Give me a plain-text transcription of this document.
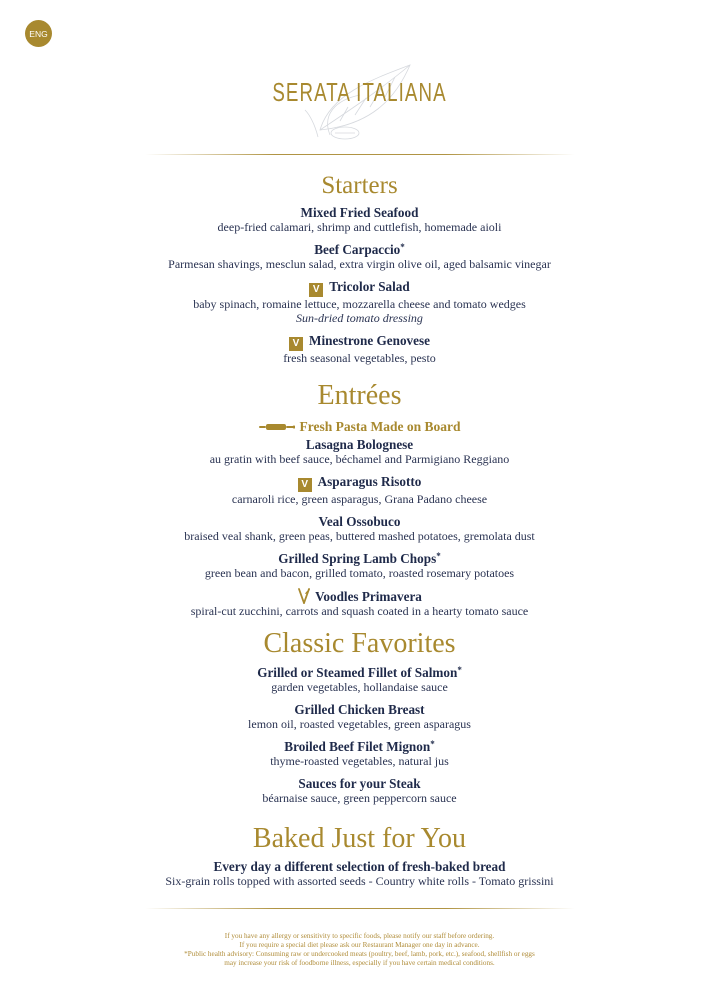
ENG
SERATA ITALIANA
Starters
Mixed Fried Seafood
deep-fried calamari, shrimp and cuttlefish, homemade aioli
Beef Carpaccio*
Parmesan shavings, mesclun salad, extra virgin olive oil, aged balsamic vinegar
V Tricolor Salad
baby spinach, romaine lettuce, mozzarella cheese and tomato wedges
Sun-dried tomato dressing
V Minestrone Genovese
fresh seasonal vegetables, pesto
Entrées
Fresh Pasta Made on Board
Lasagna Bolognese
au gratin with beef sauce, béchamel and Parmigiano Reggiano
V Asparagus Risotto
carnaroli rice, green asparagus, Grana Padano cheese
Veal Ossobuco
braised veal shank, green peas, buttered mashed potatoes, gremolata dust
Grilled Spring Lamb Chops*
green bean and bacon, grilled tomato, roasted rosemary potatoes
Voodles Primavera
spiral-cut zucchini, carrots and squash coated in a hearty tomato sauce
Classic Favorites
Grilled or Steamed Fillet of Salmon*
garden vegetables, hollandaise sauce
Grilled Chicken Breast
lemon oil, roasted vegetables, green asparagus
Broiled Beef Filet Mignon*
thyme-roasted vegetables, natural jus
Sauces for your Steak
béarnaise sauce, green peppercorn sauce
Baked Just for You
Every day a different selection of fresh-baked bread
Six-grain rolls topped with assorted seeds - Country white rolls - Tomato grissini
If you have any allergy or sensitivity to specific foods, please notify our staff before ordering.
If you require a special diet please ask our Restaurant Manager one day in advance.
*Public health advisory: Consuming raw or undercooked meats (poultry, beef, lamb, pork, etc.), seafood, shellfish or eggs
may increase your risk of foodborne illness, especially if you have certain medical conditions.
